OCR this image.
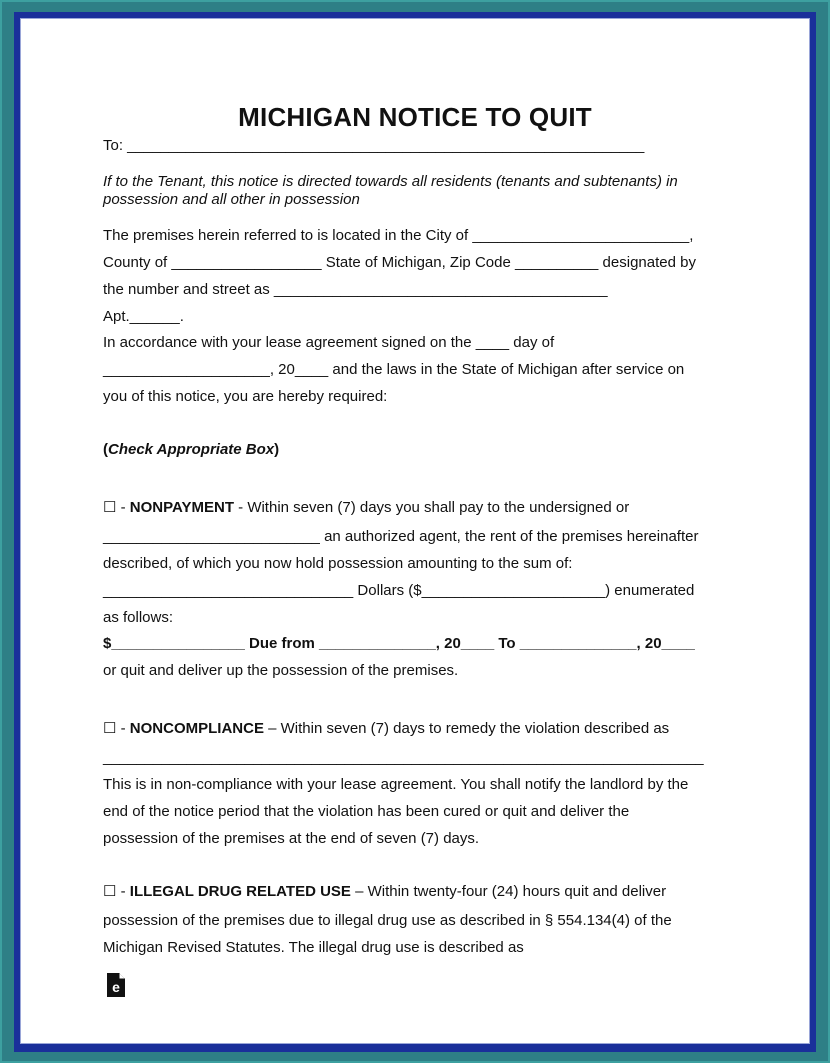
MICHIGAN NOTICE TO QUIT

To: ______________________________________________________________

If to the Tenant, this notice is directed towards all residents (tenants and subtenants) in

possession and all other in possession

The premises herein referred to is located in the City of __________________________,

County of __________________ State of Michigan, Zip Code __________ designated by

the number and street as ________________________________________

Apt.______.

In accordance with your lease agreement signed on the ____ day of

____________________, 20____ and the laws in the State of Michigan after service on

you of this notice, you are hereby required:

(Check Appropriate Box)

☐ - NONPAYMENT - Within seven (7) days you shall pay to the undersigned or

__________________________ an authorized agent, the rent of the premises hereinafter

described, of which you now hold possession amounting to the sum of:

______________________________ Dollars ($______________________) enumerated

as follows:

$________________ Due from ______________, 20____ To ______________, 20____

or quit and deliver up the possession of the premises.

☐ - NONCOMPLIANCE – Within seven (7) days to remedy the violation described as

________________________________________________________________________

This is in non-compliance with your lease agreement. You shall notify the landlord by the

end of the notice period that the violation has been cured or quit and deliver the

possession of the premises at the end of seven (7) days.

☐ - ILLEGAL DRUG RELATED USE – Within twenty-four (24) hours quit and deliver

possession of the premises due to illegal drug use as described in § 554.134(4) of the

Michigan Revised Statutes. The illegal drug use is described as

e
